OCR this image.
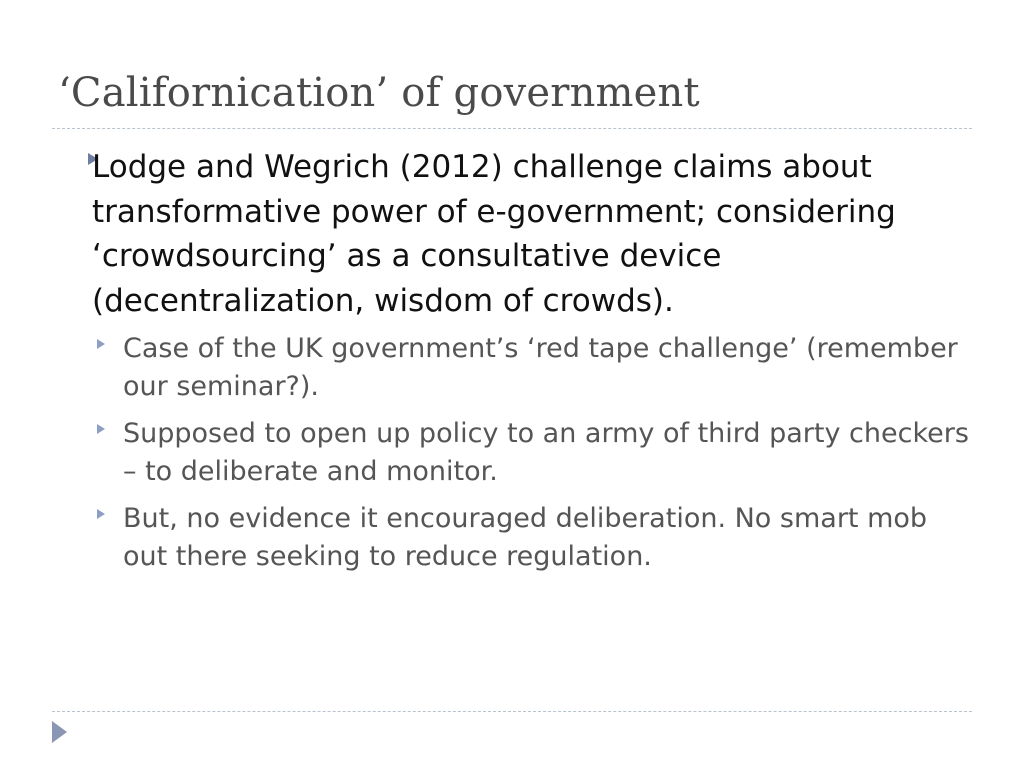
‘Californication’ of government
Lodge and Wegrich (2012) challenge claims about transformative power of e-government; considering ‘crowdsourcing’ as a consultative device (decentralization, wisdom of crowds).
Case of the UK government’s ‘red tape challenge’ (remember our seminar?).
Supposed to open up policy to an army of third party checkers – to deliberate and monitor.
But, no evidence it encouraged deliberation. No smart mob out there seeking to reduce regulation.
